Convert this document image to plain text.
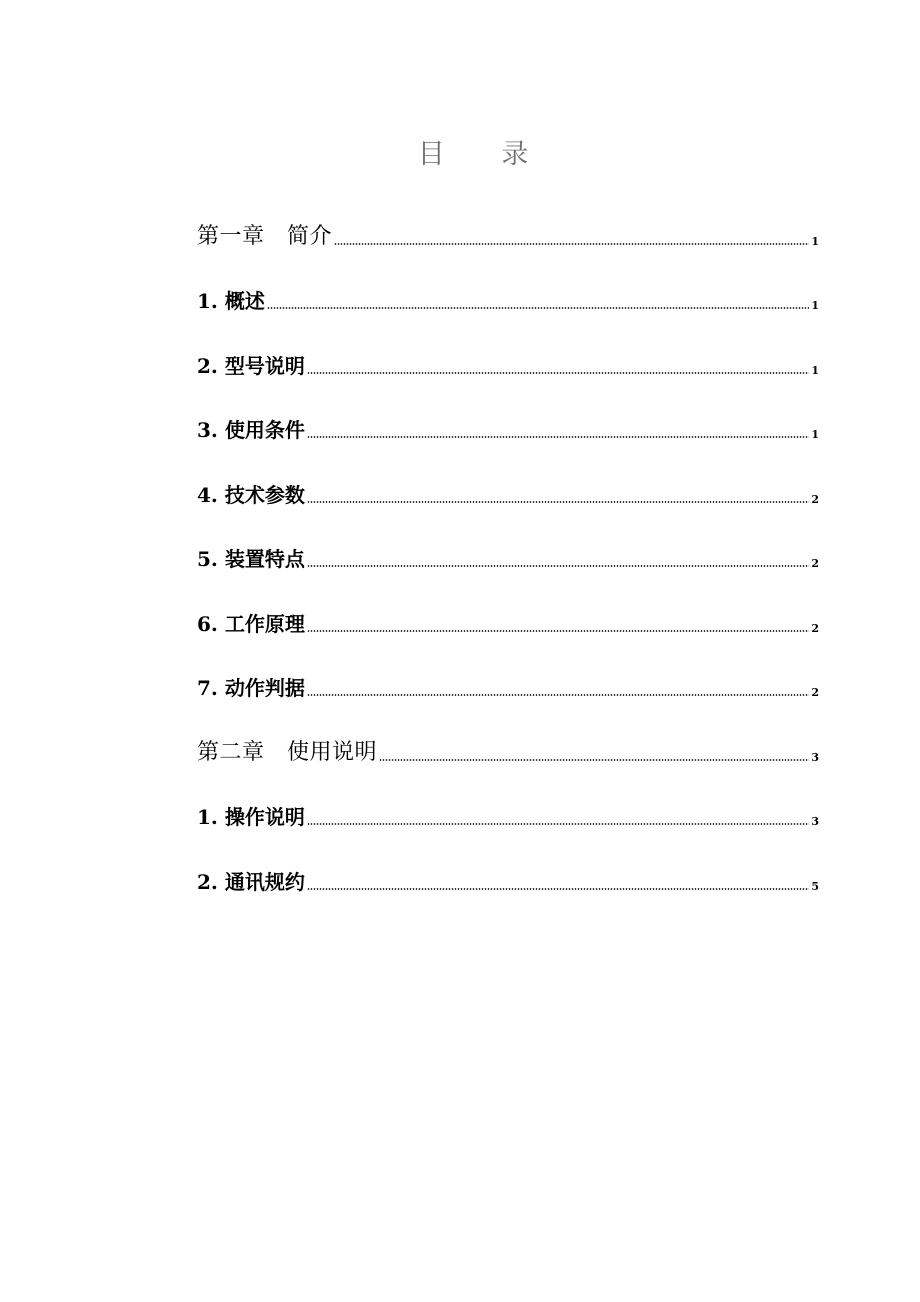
目 录
第一章　简介	1
1. 概述	1
2. 型号说明	1
3. 使用条件	1
4. 技术参数	2
5. 装置特点	2
6. 工作原理	2
7. 动作判据	2
第二章　使用说明	3
1. 操作说明	3
2. 通讯规约	5
